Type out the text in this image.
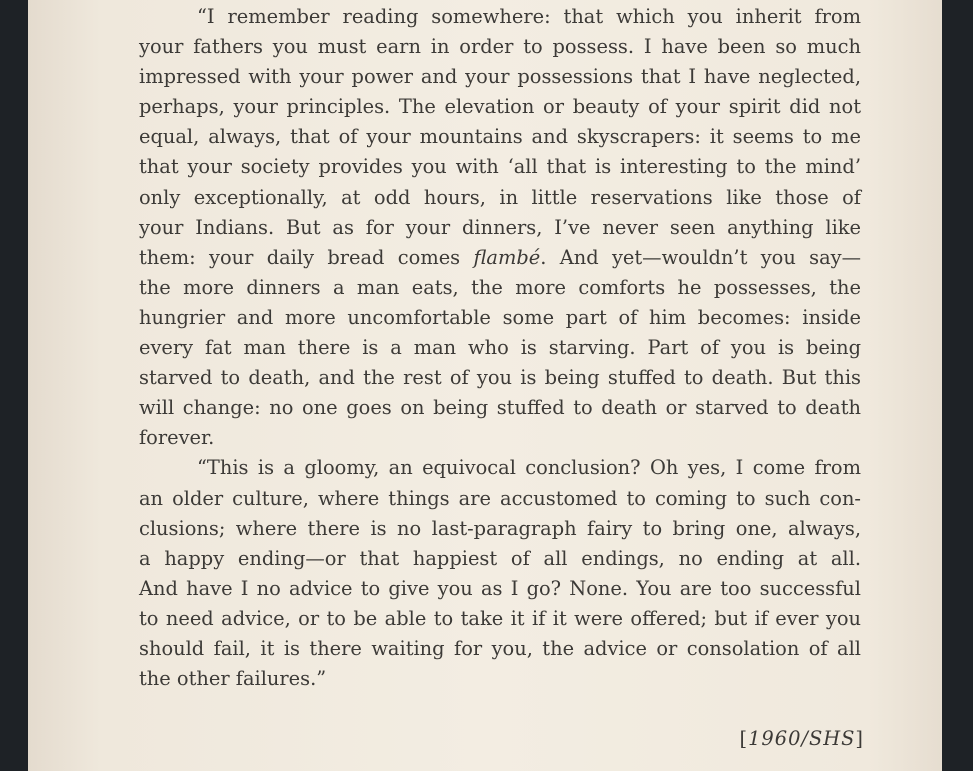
“I remember reading somewhere: that which you inherit from
your fathers you must earn in order to possess. I have been so much
impressed with your power and your possessions that I have neglected,
perhaps, your principles. The elevation or beauty of your spirit did not
equal, always, that of your mountains and skyscrapers: it seems to me
that your society provides you with ‘all that is interesting to the mind’
only exceptionally, at odd hours, in little reservations like those of
your Indians. But as for your dinners, I’ve never seen anything like
them: your daily bread comes flambé. And yet—wouldn’t you say—
the more dinners a man eats, the more comforts he possesses, the
hungrier and more uncomfortable some part of him becomes: inside
every fat man there is a man who is starving. Part of you is being
starved to death, and the rest of you is being stuffed to death. But this
will change: no one goes on being stuffed to death or starved to death
forever.
“This is a gloomy, an equivocal conclusion? Oh yes, I come from
an older culture, where things are accustomed to coming to such con-
clusions; where there is no last-paragraph fairy to bring one, always,
a happy ending—or that happiest of all endings, no ending at all.
And have I no advice to give you as I go? None. You are too successful
to need advice, or to be able to take it if it were offered; but if ever you
should fail, it is there waiting for you, the advice or consolation of all
the other failures.”
[1960/SHS]
